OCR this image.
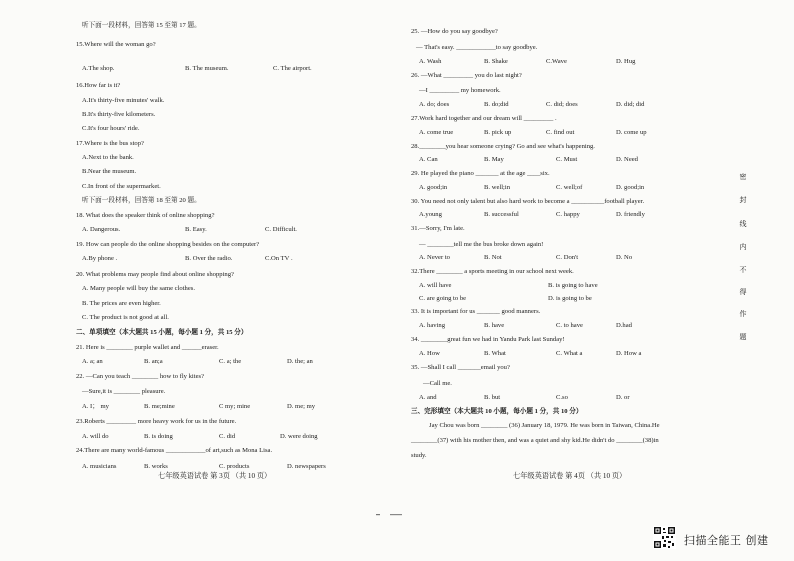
听下面一段材料，回答第 15 至第 17 题。
15.Where will the woman go?
16.How far is it?
A.It's thirty-five minutes' walk.
B.It's thirty-five kilometers.
C.It's four hours' ride.
17.Where is the bus stop?
A.Next to the bank.
B.Near the museum.
C.In front of the supermarket.
听下面一段材料，回答第 18 至第 20 题。
18. What does the speaker think of online shopping?
19. How can people do the online shopping besides on the computer?
20. What problems may people find about online shopping?
A. Many people will buy the same clothes.
B. The prices are even higher.
C. The product is not good at all.
二、单项填空（本大题共 15 小题，每小题 1 分，共 15 分）
21. Here is ________ purple wallet and ______eraser.
22. —Can you teach ________ how to fly kites?
—Sure,it is ________ pleasure.
23.Roberts _________ more heavy work for us in the future.
24.There are many world-famous ____________of art,such as Mona Lisa.
A.The shop.	B. The museum.	C. The airport.
A. Dangerous.	B. Easy.	C. Difficult.
A.By phone .	B. Over the radio.	C.On TV .
A. a; an	B. an;a	C. a; the	D. the; an
A. I； my	B. me;mine	C my; mine	D. me; my
A. will do	B. is doing	C. did	D. were doing
A. musicians	B. works	C. products	D. newspapers
25. —How do you say goodbye?
— That's easy. ____________to say goodbye.
26. —What _________ you do last night?
—I _________ my homework.
27.Work hard together and our dream will _________ .
28.________you hear someone crying? Go and see what's happening.
29. He played the piano _______ at the age ____six.
30. You need not only talent but also hard work to become a __________football player.
31.—Sorry, I'm late.
— ________tell me the bus broke down again!
32.There ________ a sports meeting in our school next week.
33. It is important for us _______ good manners.
34. ________great fun we had in Yandu Park last Sunday!
35. —Shall I call _______email you?
—Call me.
三、完形填空（本大题共 10 小题，每小题 1 分，共 10 分）
Jay Chou was born ________ (36) January 18, 1979. He was born in Taiwan, China.He
________(37) with his mother then, and was a quiet and shy kid.He didn't do ________(38)in
study.
A. Wash	B. Shake	C.Wave	D. Hug
A. do; does	B. do;did	C. did; does	D. did; did
A. come true	B. pick up	C. find out	D. come up
A. Can	B. May	C. Must	D. Need
A. good;in	B. well;in	C. well;of	D. good;in
A.young	B. successful	C. happy	D. friendly
A. Never to	B. Not	C. Don't	D. No
A. will have	B. is going to have
C. are going to be	D. is going to be
A. having	B. have	C. to have	D.had
A. How	B. What	C. What a	D. How a
A. and	B. but	C.so	D. or
七年级英语试卷 第 3页 （共 10 页）	七年级英语试卷 第 4页 （共 10 页）
密
封
线
内
不
得
作
题
扫描全能王 创建
